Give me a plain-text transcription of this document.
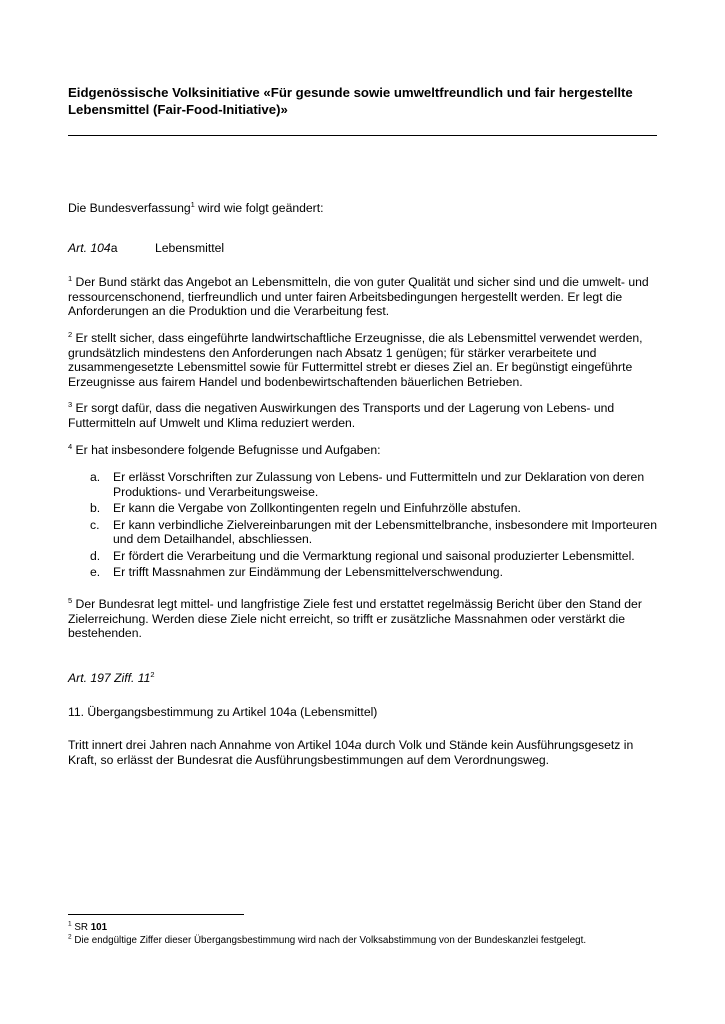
Eidgenössische Volksinitiative «Für gesunde sowie umweltfreundlich und fair hergestellte Lebensmittel (Fair-Food-Initiative)»

Die Bundesverfassung$^1$ wird wie folgt geändert:

Art. 104a	Lebensmittel

$^1$ Der Bund stärkt das Angebot an Lebensmitteln, die von guter Qualität und sicher sind und die umwelt- und ressourcenschonend, tierfreundlich und unter fairen Arbeitsbedingungen hergestellt werden. Er legt die Anforderungen an die Produktion und die Verarbeitung fest.

$^2$ Er stellt sicher, dass eingeführte landwirtschaftliche Erzeugnisse, die als Lebensmittel verwendet werden, grundsätzlich mindestens den Anforderungen nach Absatz 1 genügen; für stärker verarbeitete und zusammengesetzte Lebensmittel sowie für Futtermittel strebt er dieses Ziel an. Er begünstigt eingeführte Erzeugnisse aus fairem Handel und bodenbewirtschaftenden bäuerlichen Betrieben.

$^3$ Er sorgt dafür, dass die negativen Auswirkungen des Transports und der Lagerung von Lebens- und Futtermitteln auf Umwelt und Klima reduziert werden.

$^4$ Er hat insbesondere folgende Befugnisse und Aufgaben:

a. Er erlässt Vorschriften zur Zulassung von Lebens- und Futtermitteln und zur Deklaration von deren Produktions- und Verarbeitungsweise.
b. Er kann die Vergabe von Zollkontingenten regeln und Einfuhrzölle abstufen.
c. Er kann verbindliche Zielvereinbarungen mit der Lebensmittelbranche, insbesondere mit Importeuren und dem Detailhandel, abschliessen.
d. Er fördert die Verarbeitung und die Vermarktung regional und saisonal produzierter Lebensmittel.
e. Er trifft Massnahmen zur Eindämmung der Lebensmittelverschwendung.

$^5$ Der Bundesrat legt mittel- und langfristige Ziele fest und erstattet regelmässig Bericht über den Stand der Zielerreichung. Werden diese Ziele nicht erreicht, so trifft er zusätzliche Massnahmen oder verstärkt die bestehenden.

Art. 197 Ziff. $11^2$

11. Übergangsbestimmung zu Artikel 104a (Lebensmittel)

Tritt innert drei Jahren nach Annahme von Artikel 104a durch Volk und Stände kein Ausführungsgesetz in Kraft, so erlässt der Bundesrat die Ausführungsbestimmungen auf dem Verordnungsweg.

$^1$ SR 101

$^2$ Die endgültige Ziffer dieser Übergangsbestimmung wird nach der Volksabstimmung von der Bundeskanzlei festgelegt.
